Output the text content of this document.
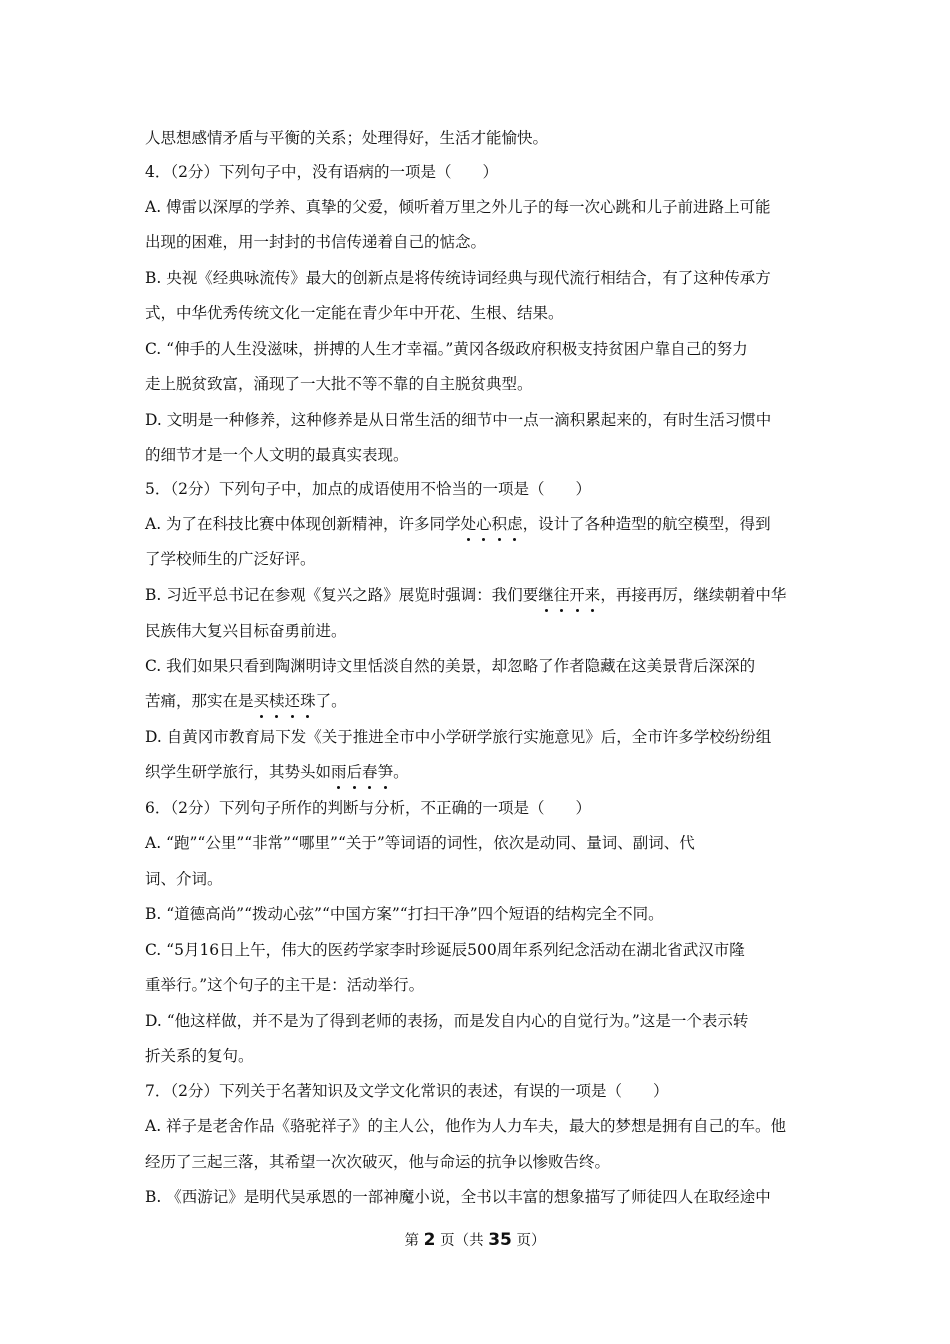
人思想感情矛盾与平衡的关系；处理得好，生活才能愉快。
4．（2分）下列句子中，没有语病的一项是（　　）
A. 傅雷以深厚的学养、真挚的父爱，倾听着万里之外儿子的每一次心跳和儿子前进路上可能
出现的困难，用一封封的书信传递着自己的惦念。
B. 央视《经典咏流传》最大的创新点是将传统诗词经典与现代流行相结合，有了这种传承方
式，中华优秀传统文化一定能在青少年中开花、生根、结果。
C. “伸手的人生没滋味，拼搏的人生才幸福。”黄冈各级政府积极支持贫困户靠自己的努力
走上脱贫致富，涌现了一大批不等不靠的自主脱贫典型。
D. 文明是一种修养，这种修养是从日常生活的细节中一点一滴积累起来的，有时生活习惯中
的细节才是一个人文明的最真实表现。
5．（2分）下列句子中，加点的成语使用不恰当的一项是（　　）
A. 为了在科技比赛中体现创新精神，许多同学处心积虑，设计了各种造型的航空模型，得到
了学校师生的广泛好评。
B. 习近平总书记在参观《复兴之路》展览时强调：我们要继往开来，再接再厉，继续朝着中华
民族伟大复兴目标奋勇前进。
C. 我们如果只看到陶渊明诗文里恬淡自然的美景，却忽略了作者隐藏在这美景背后深深的
苦痛，那实在是买椟还珠了。
D. 自黄冈市教育局下发《关于推进全市中小学研学旅行实施意见》后，全市许多学校纷纷组
织学生研学旅行，其势头如雨后春笋。
6．（2分）下列句子所作的判断与分析，不正确的一项是（　　）
A. “跑”“公里”“非常”“哪里”“关于”等词语的词性，依次是动同、量词、副词、代
词、介词。
B. “道德高尚”“拨动心弦”“中国方案”“打扫干净”四个短语的结构完全不同。
C. “5月16日上午，伟大的医药学家李时珍诞辰500周年系列纪念活动在湖北省武汉市隆
重举行。”这个句子的主干是：活动举行。
D. “他这样做，并不是为了得到老师的表扬，而是发自内心的自觉行为。”这是一个表示转
折关系的复句。
7．（2分）下列关于名著知识及文学文化常识的表述，有误的一项是（　　）
A. 祥子是老舍作品《骆驼祥子》的主人公，他作为人力车夫，最大的梦想是拥有自己的车。他
经历了三起三落，其希望一次次破灭，他与命运的抗争以惨败告终。
B. 《西游记》是明代吴承恩的一部神魔小说，全书以丰富的想象描写了师徒四人在取经途中
第 2 页（共 35 页）
